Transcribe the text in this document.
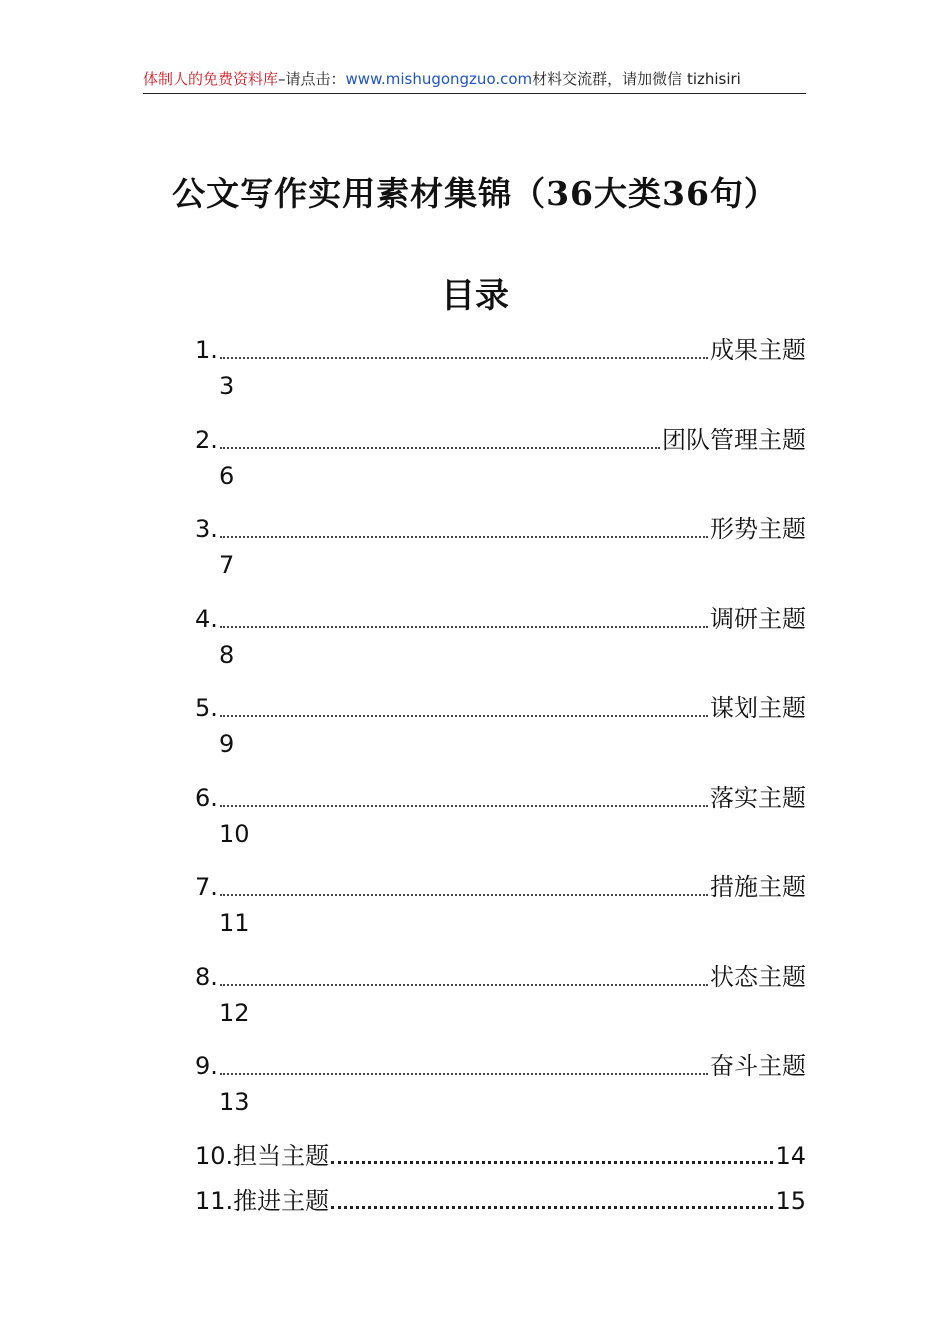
体制人的免费资料库–请点击：www.mishugongzuo.com材料交流群，请加微信 tizhisiri
公文写作实用素材集锦（36大类36句）
目录
1.	成果主题
3
2.	团队管理主题
6
3.	形势主题
7
4.	调研主题
8
5.	谋划主题
9
6.	落实主题
10
7.	措施主题
11
8.	状态主题
12
9.	奋斗主题
13
10. 担当主题	14
11. 推进主题	15
